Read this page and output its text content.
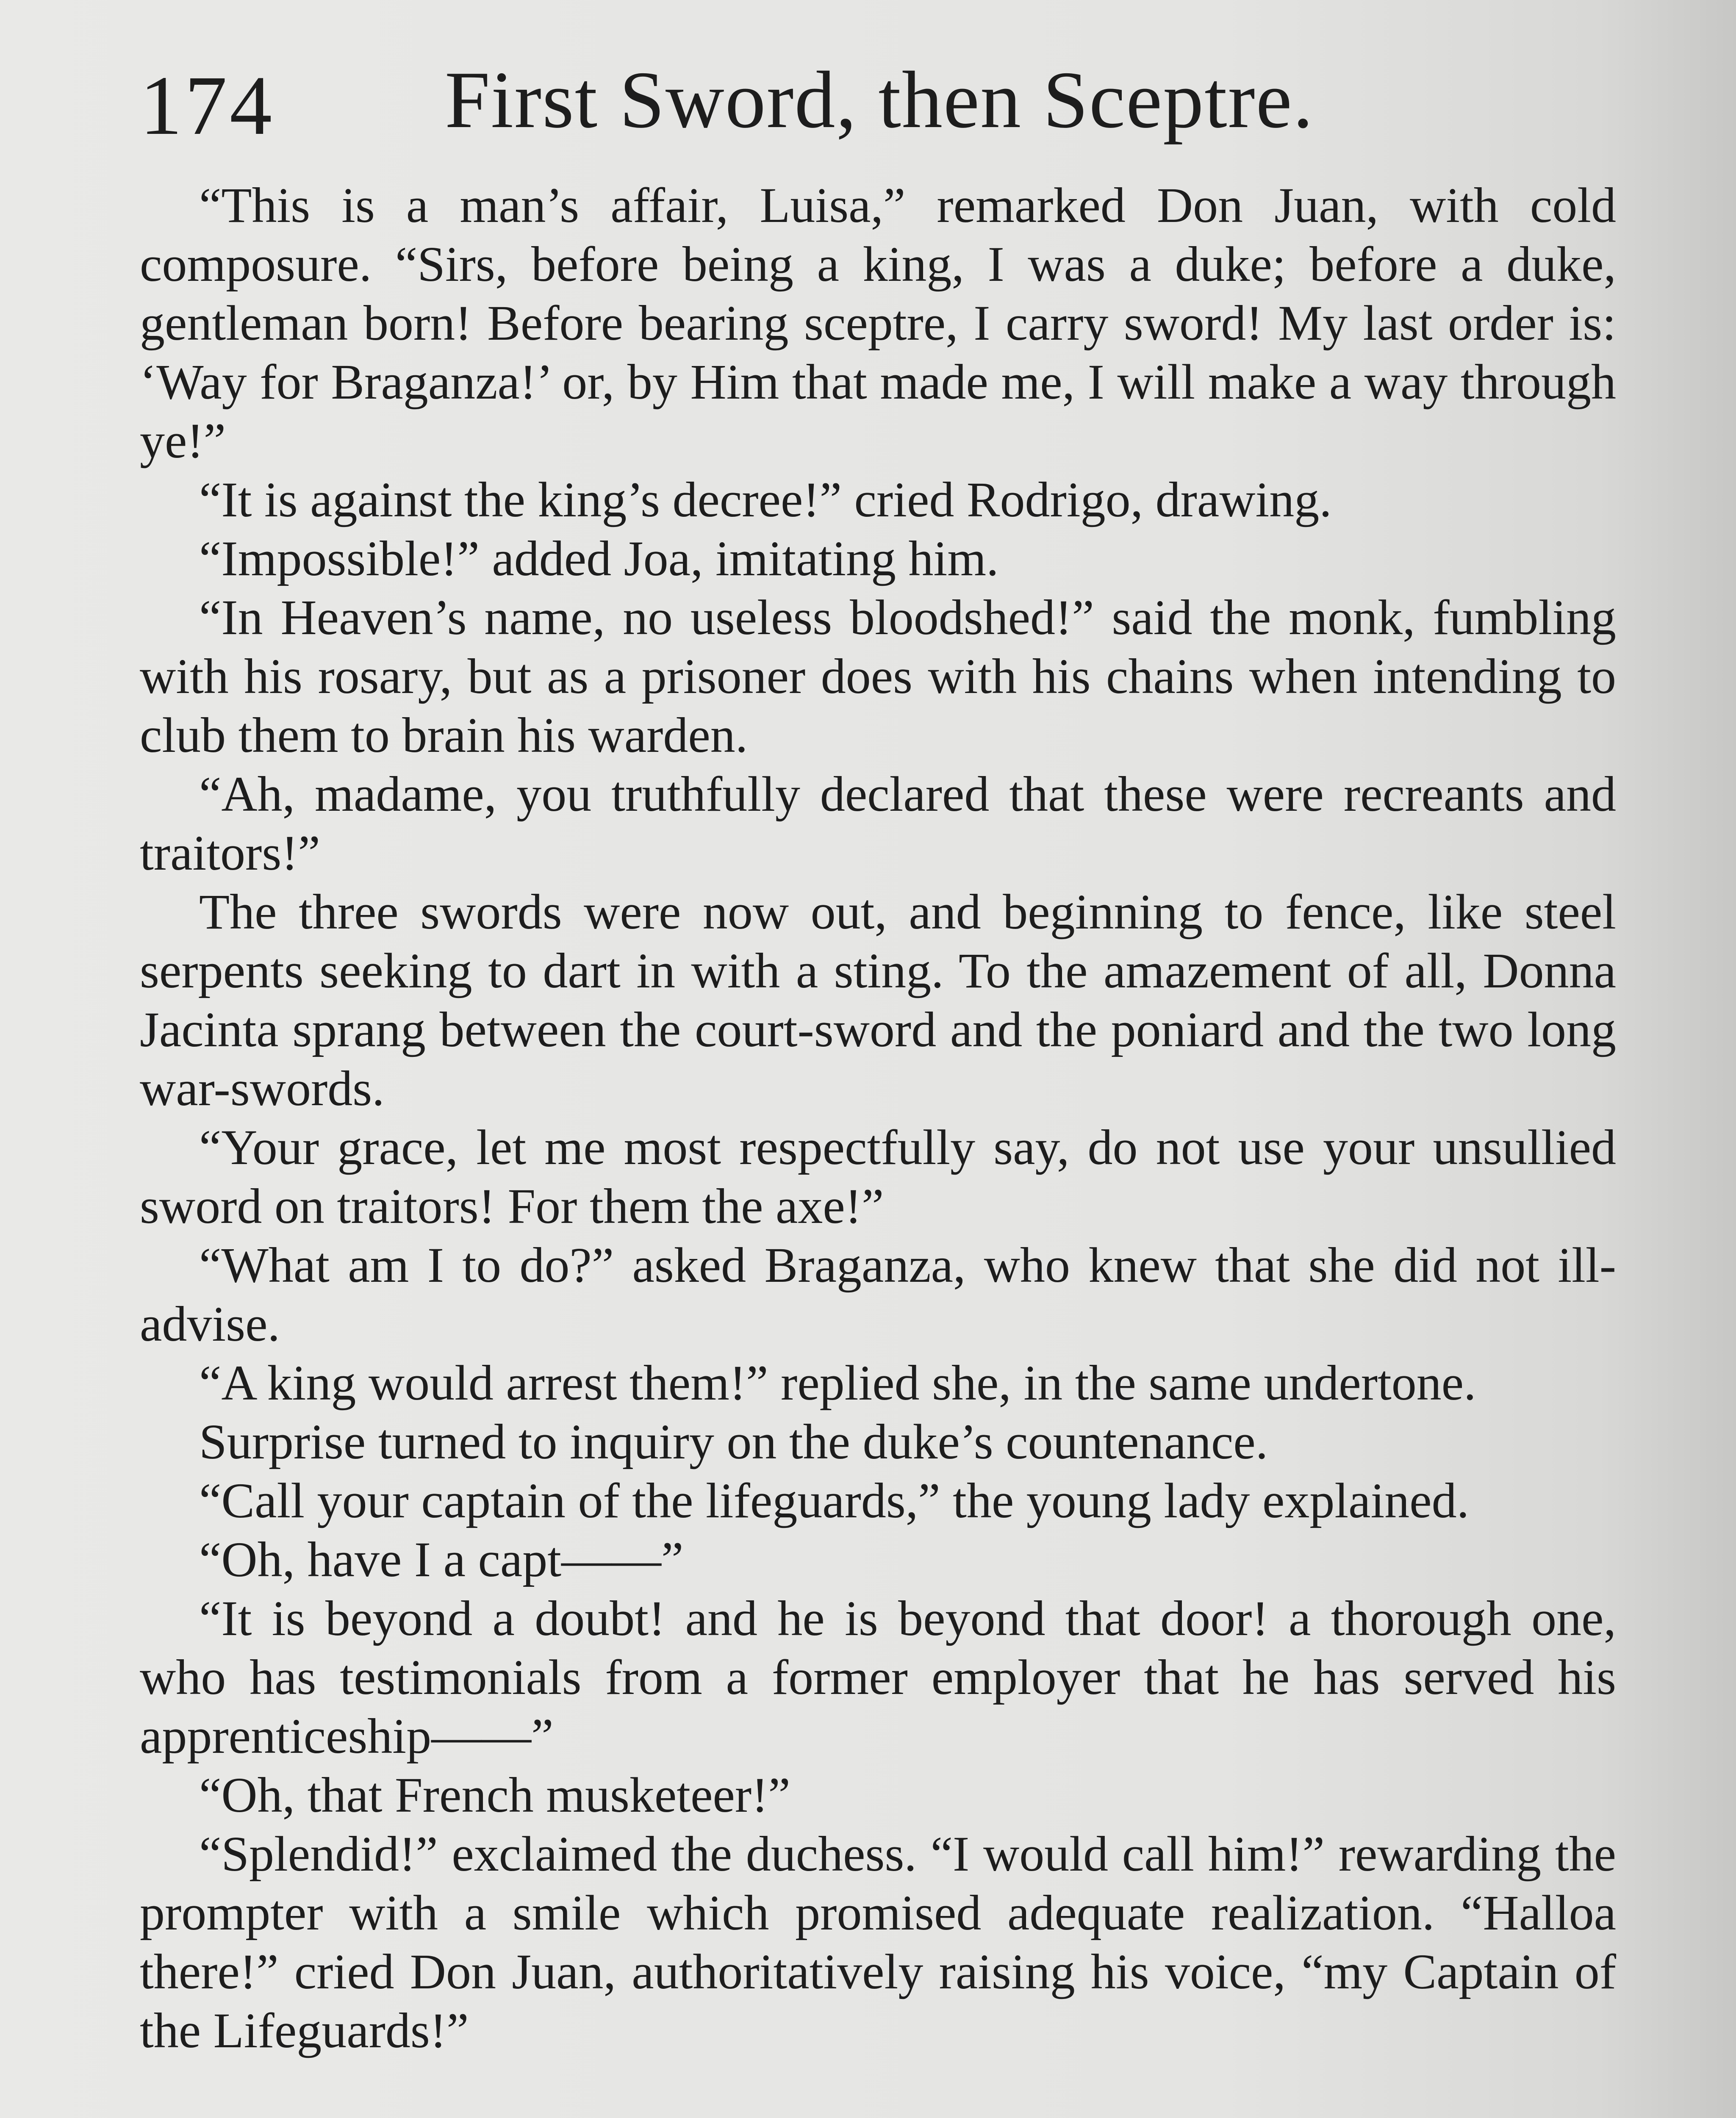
174 First Sword, then Sceptre.

“This is a man’s affair, Luisa,” remarked Don Juan, with cold composure. “Sirs, before being a king, I was a duke; before a duke, gentleman born! Before bearing sceptre, I carry sword! My last order is: ‘Way for Braganza!’ or, by Him that made me, I will make a way through ye!”

“It is against the king’s decree!” cried Rodrigo, drawing.

“Impossible!” added Joa, imitating him.

“In Heaven’s name, no useless bloodshed!” said the monk, fumbling with his rosary, but as a prisoner does with his chains when intending to club them to brain his warden.

“Ah, madame, you truthfully declared that these were recreants and traitors!”

The three swords were now out, and beginning to fence, like steel serpents seeking to dart in with a sting. To the amazement of all, Donna Jacinta sprang between the court-sword and the poniard and the two long war-swords.

“Your grace, let me most respectfully say, do not use your unsullied sword on traitors! For them the axe!”

“What am I to do?” asked Braganza, who knew that she did not ill-advise.

“A king would arrest them!” replied she, in the same undertone.

Surprise turned to inquiry on the duke’s countenance.

“Call your captain of the lifeguards,” the young lady explained.

“Oh, have I a capt——”

“It is beyond a doubt! and he is beyond that door! a thorough one, who has testimonials from a former employer that he has served his apprenticeship——”

“Oh, that French musketeer!”

“Splendid!” exclaimed the duchess. “I would call him!” rewarding the prompter with a smile which promised adequate realization. “Halloa there!” cried Don Juan, authoritatively raising his voice, “my Captain of the Lifeguards!”
